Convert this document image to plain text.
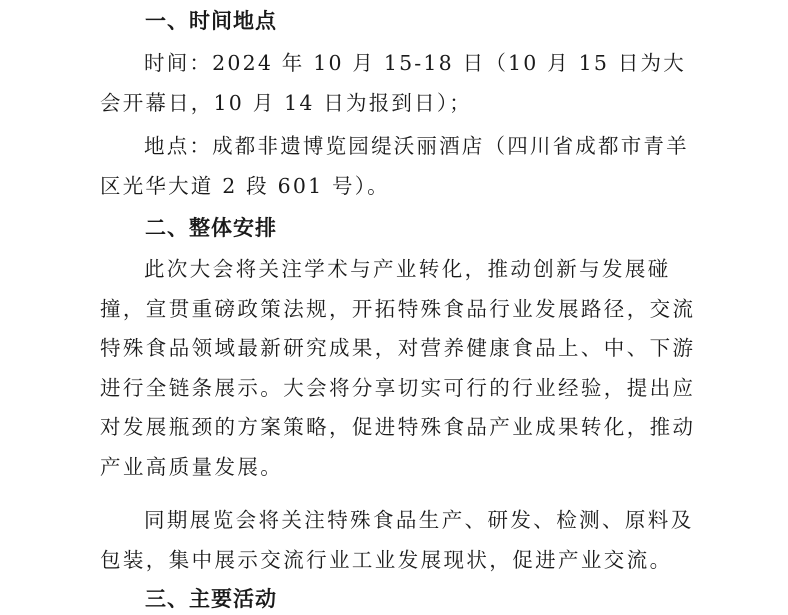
一、时间地点

时间：2024 年 10 月 15-18 日（10 月 15 日为大会开幕日，10 月 14 日为报到日）；

地点：成都非遗博览园缇沃丽酒店（四川省成都市青羊区光华大道 2 段 601 号）。

二、整体安排

此次大会将关注学术与产业转化，推动创新与发展碰撞，宣贯重磅政策法规，开拓特殊食品行业发展路径，交流特殊食品领域最新研究成果，对营养健康食品上、中、下游进行全链条展示。大会将分享切实可行的行业经验，提出应对发展瓶颈的方案策略，促进特殊食品产业成果转化，推动产业高质量发展。

同期展览会将关注特殊食品生产、研发、检测、原料及包装，集中展示交流行业工业发展现状，促进产业交流。

三、主要活动
